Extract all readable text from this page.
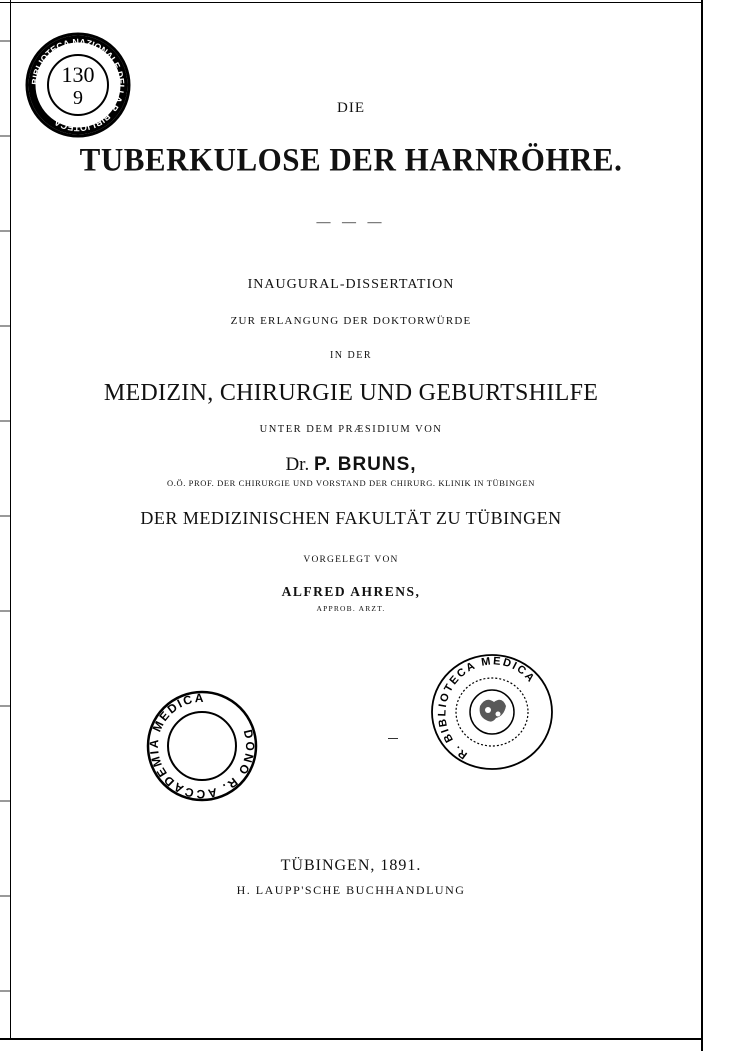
BIBLIOTECA NAZIONALE DELLA R. BIBLIOTECA
130
9	DIE
TUBERKULOSE DER HARNRÖHRE.
— — —
INAUGURAL-DISSERTATION
ZUR ERLANGUNG DER DOKTORWÜRDE
IN DER
MEDIZIN, CHIRURGIE UND GEBURTSHILFE
UNTER DEM PRÆSIDIUM VON
Dr. P. BRUNS,
O.Ö. PROF. DER CHIRURGIE UND VORSTAND DER CHIRURG. KLINIK IN TÜBINGEN
DER MEDIZINISCHEN FAKULTÄT ZU TÜBINGEN
VORGELEGT VON
ALFRED AHRENS,
APPROB. ARZT.
DONO R. ACCADEMIA MEDICA
R. BIBLIOTECA MEDICA
TÜBINGEN, 1891.
H. LAUPP'SCHE BUCHHANDLUNG
